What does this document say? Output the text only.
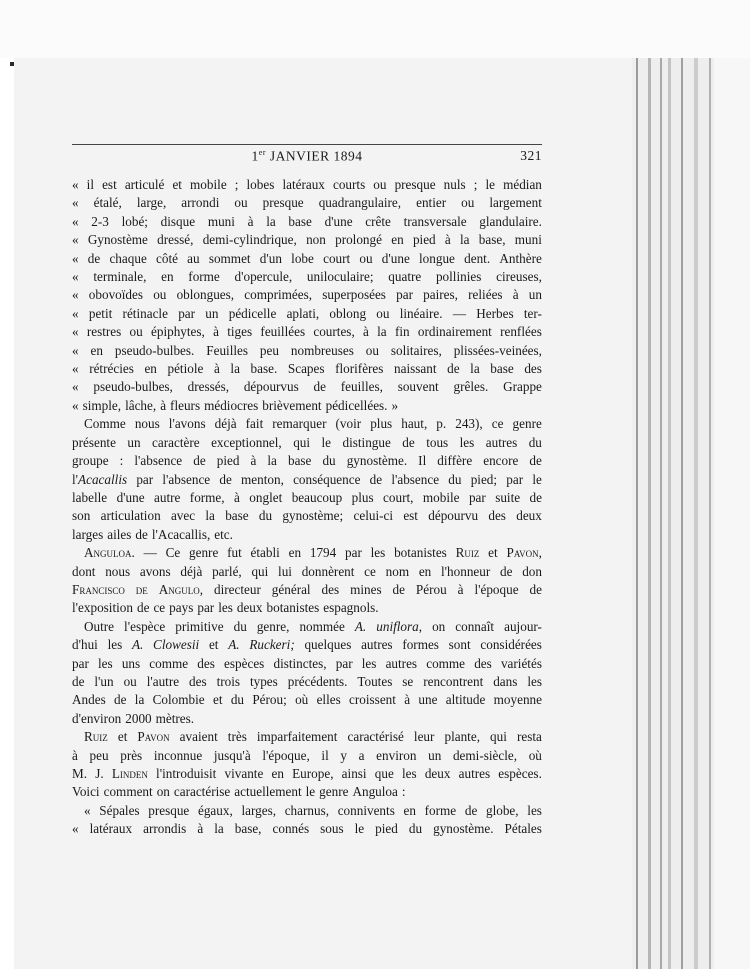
1er JANVIER 1894	321
« il est articulé et mobile ; lobes latéraux courts ou presque nuls ; le médian
« étalé, large, arrondi ou presque quadrangulaire, entier ou largement
« 2-3 lobé; disque muni à la base d'une crête transversale glandulaire.
« Gynostème dressé, demi-cylindrique, non prolongé en pied à la base, muni
« de chaque côté au sommet d'un lobe court ou d'une longue dent. Anthère
« terminale, en forme d'opercule, uniloculaire; quatre pollinies cireuses,
« obovoïdes ou oblongues, comprimées, superposées par paires, reliées à un
« petit rétinacle par un pédicelle aplati, oblong ou linéaire. — Herbes ter-
« restres ou épiphytes, à tiges feuillées courtes, à la fin ordinairement renflées
« en pseudo-bulbes. Feuilles peu nombreuses ou solitaires, plissées-veinées,
« rétrécies en pétiole à la base. Scapes florifères naissant de la base des
« pseudo-bulbes, dressés, dépourvus de feuilles, souvent grêles. Grappe
« simple, lâche, à fleurs médiocres brièvement pédicellées. »
Comme nous l'avons déjà fait remarquer (voir plus haut, p. 243), ce genre
présente un caractère exceptionnel, qui le distingue de tous les autres du
groupe : l'absence de pied à la base du gynostème. Il diffère encore de
l'Acacallis par l'absence de menton, conséquence de l'absence du pied; par le
labelle d'une autre forme, à onglet beaucoup plus court, mobile par suite de
son articulation avec la base du gynostème; celui-ci est dépourvu des deux
larges ailes de l'Acacallis, etc.
Anguloa. — Ce genre fut établi en 1794 par les botanistes Ruiz et Pavon,
dont nous avons déjà parlé, qui lui donnèrent ce nom en l'honneur de don
Francisco de Angulo, directeur général des mines de Pérou à l'époque de
l'exposition de ce pays par les deux botanistes espagnols.
Outre l'espèce primitive du genre, nommée A. uniflora, on connaît aujour-
d'hui les A. Clowesii et A. Ruckeri; quelques autres formes sont considérées
par les uns comme des espèces distinctes, par les autres comme des variétés
de l'un ou l'autre des trois types précédents. Toutes se rencontrent dans les
Andes de la Colombie et du Pérou; où elles croissent à une altitude moyenne
d'environ 2000 mètres.
Ruiz et Pavon avaient très imparfaitement caractérisé leur plante, qui resta
à peu près inconnue jusqu'à l'époque, il y a environ un demi-siècle, où
M. J. Linden l'introduisit vivante en Europe, ainsi que les deux autres espèces.
Voici comment on caractérise actuellement le genre Anguloa :
« Sépales presque égaux, larges, charnus, connivents en forme de globe, les
« latéraux arrondis à la base, connés sous le pied du gynostème. Pétales
